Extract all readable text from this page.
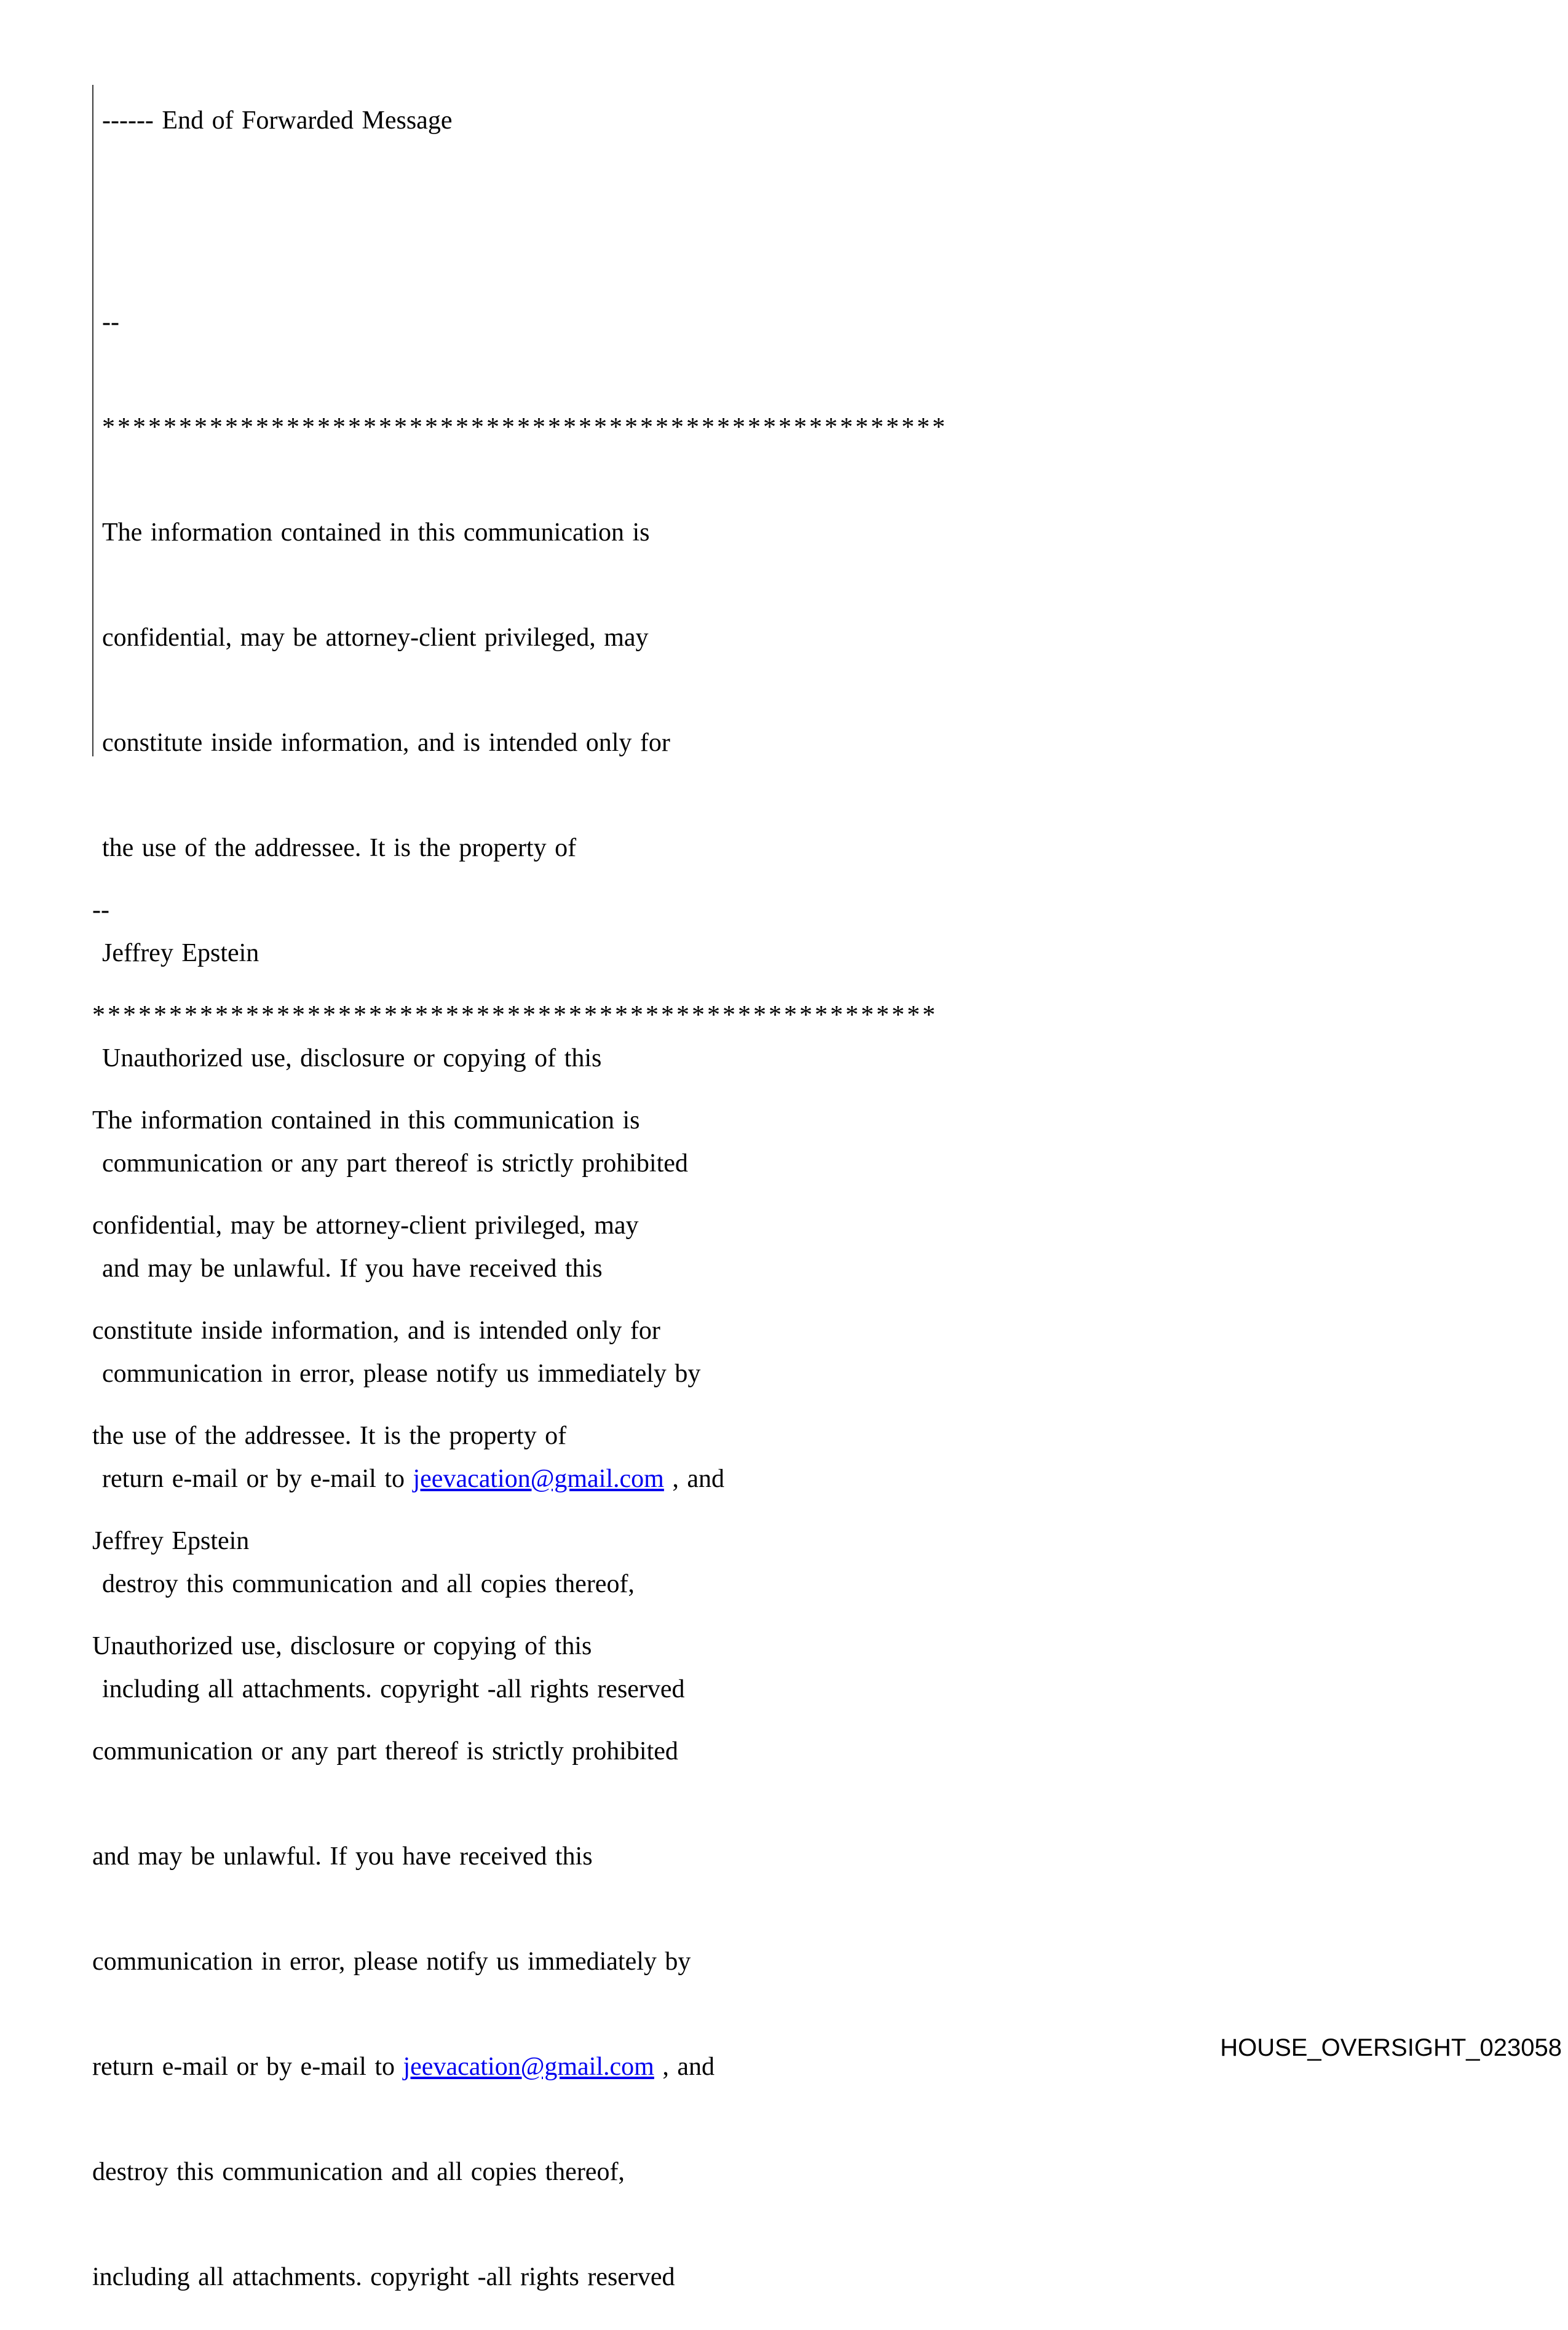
------ End of Forwarded Message

--

*******************************************************

The information contained in this communication is

confidential, may be attorney-client privileged, may

constitute inside information, and is intended only for

the use of the addressee. It is the property of

Jeffrey Epstein

Unauthorized use, disclosure or copying of this

communication or any part thereof is strictly prohibited

and may be unlawful. If you have received this

communication in error, please notify us immediately by

return e-mail or by e-mail to jeevacation@gmail.com , and

destroy this communication and all copies thereof,

including all attachments. copyright -all rights reserved

--

*******************************************************

The information contained in this communication is

confidential, may be attorney-client privileged, may

constitute inside information, and is intended only for

the use of the addressee. It is the property of

Jeffrey Epstein

Unauthorized use, disclosure or copying of this

communication or any part thereof is strictly prohibited

and may be unlawful. If you have received this

communication in error, please notify us immediately by

return e-mail or by e-mail to jeevacation@gmail.com , and

destroy this communication and all copies thereof,

including all attachments. copyright -all rights reserved

HOUSE_OVERSIGHT_023058
